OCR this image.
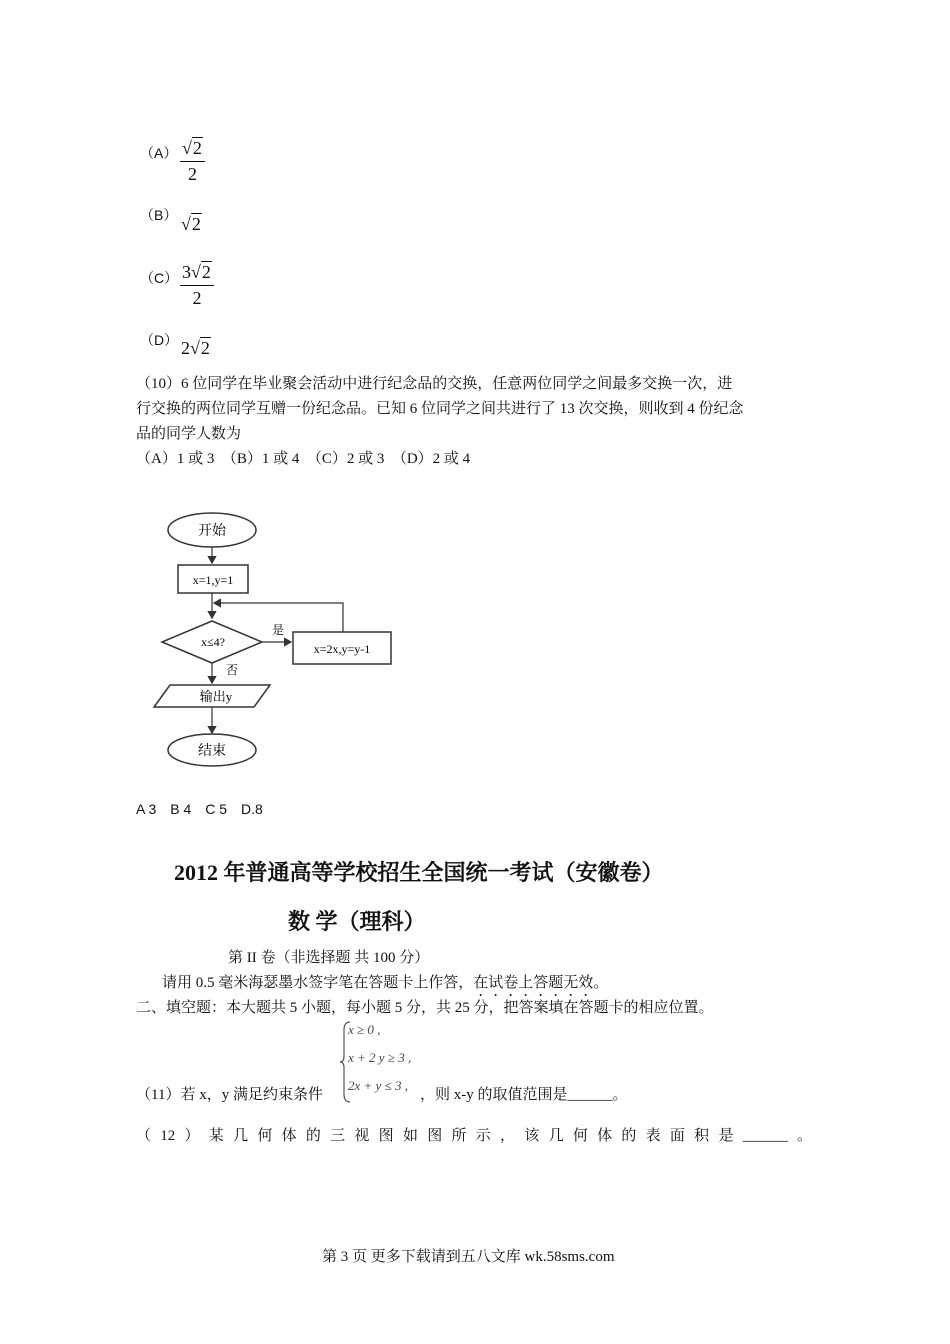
$(A) \frac{√2}{2}$
（B） √2
$(C) \frac{3√2}{2}$
（D） 2√2
（10）6 位同学在毕业聚会活动中进行纪念品的交换，任意两位同学之间最多交换一次，进
行交换的两位同学互赠一份纪念品。已知 6 位同学之间共进行了 13 次交换，则收到 4 份纪念
品的同学人数为
（A）1 或 3　（B）1 或 4　（C）2 或 3　（D）2 或 4
开始
x=1,y=1
x≤4?
是
x=2x,y=y-1
否
输出y
结束
A 3　B 4　C 5　D.8
2012 年普通高等学校招生全国统一考试（安徽卷）
数 学（理科）
第 II 卷（非选择题 共 100 分）
请用 0.5 毫米海瑟墨水签字笔在答题卡上作答，在试卷上答题无效。
二、填空题：本大题共 5 小题，每小题 5 分，共 25 分，把答案填在答题卡的相应位置。
x ≥ 0 ,
x + 2 y ≥ 3 ,
2x + y ≤ 3 ,
（11）若 x，y 满足约束条件	，则 x-y 的取值范围是______。
（12）某几何体的三视图如图所示，该几何体的表面积是______。
第 3 页 更多下载请到五八文库 wk.58sms.com
